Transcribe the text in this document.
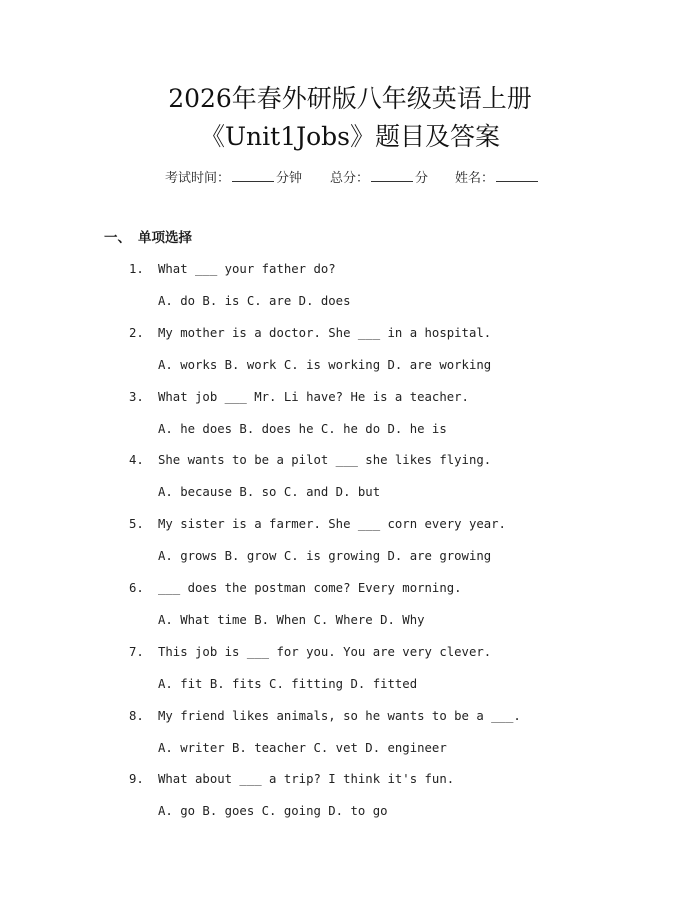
2026年春外研版八年级英语上册
《Unit1Jobs》题目及答案
考试时间：	分钟 总分：	分 姓名：
一、 单项选择
1. What ___ your father do?
A. do B. is C. are D. does
2. My mother is a doctor. She ___ in a hospital.
A. works B. work C. is working D. are working
3. What job ___ Mr. Li have? He is a teacher.
A. he does B. does he C. he do D. he is
4. She wants to be a pilot ___ she likes flying.
A. because B. so C. and D. but
5. My sister is a farmer. She ___ corn every year.
A. grows B. grow C. is growing D. are growing
6. ___ does the postman come? Every morning.
A. What time B. When C. Where D. Why
7. This job is ___ for you. You are very clever.
A. fit B. fits C. fitting D. fitted
8. My friend likes animals, so he wants to be a ___.
A. writer B. teacher C. vet D. engineer
9. What about ___ a trip? I think it's fun.
A. go B. goes C. going D. to go
